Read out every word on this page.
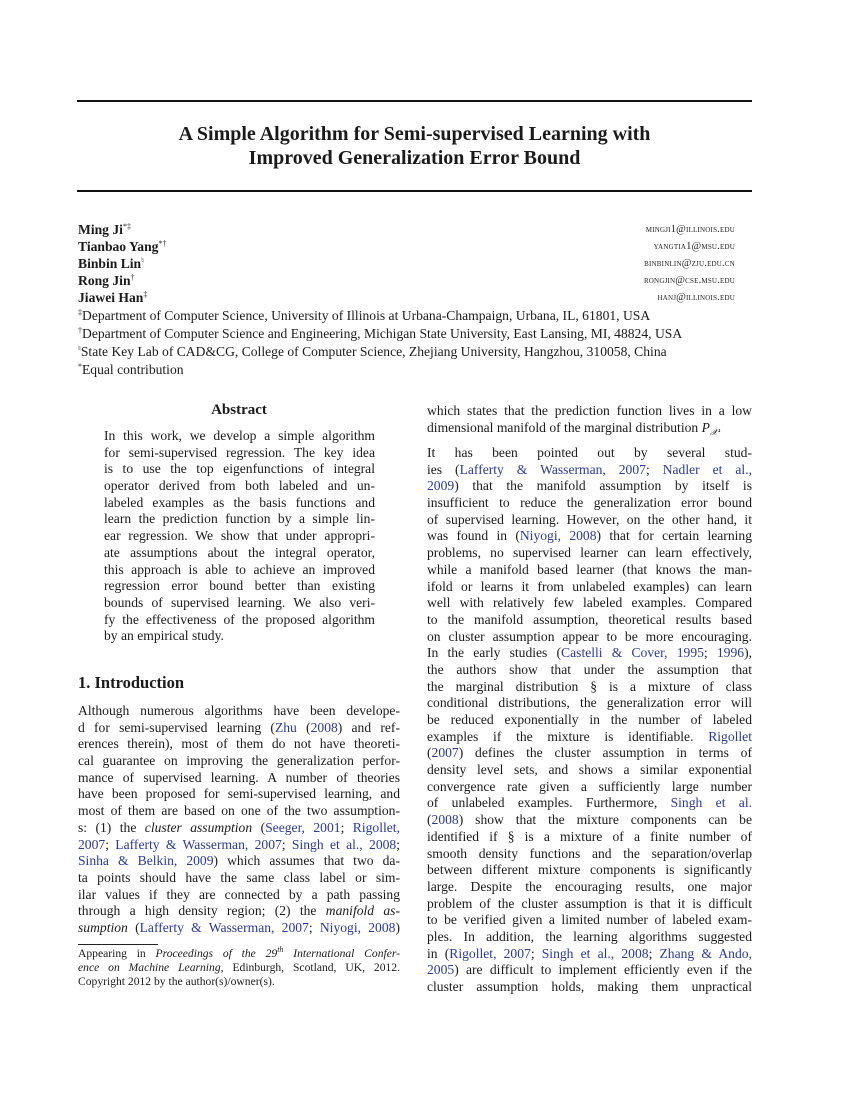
A Simple Algorithm for Semi-supervised Learning with
Improved Generalization Error Bound
Ming Ji*‡	mingji1@illinois.edu
Tianbao Yang*†	yangtia1@msu.edu
Binbin Lin♮	binbinlin@zju.edu.cn
Rong Jin†	rongjin@cse.msu.edu
Jiawei Han‡	hanj@illinois.edu
‡Department of Computer Science, University of Illinois at Urbana-Champaign, Urbana, IL, 61801, USA
†Department of Computer Science and Engineering, Michigan State University, East Lansing, MI, 48824, USA
♮State Key Lab of CAD&CG, College of Computer Science, Zhejiang University, Hangzhou, 310058, China
*Equal contribution
Abstract
In this work, we develop a simple algorithm
for semi-supervised regression. The key idea
is to use the top eigenfunctions of integral
operator derived from both labeled and un-
labeled examples as the basis functions and
learn the prediction function by a simple lin-
ear regression. We show that under appropri-
ate assumptions about the integral operator,
this approach is able to achieve an improved
regression error bound better than existing
bounds of supervised learning. We also veri-
fy the effectiveness of the proposed algorithm
by an empirical study.
1. Introduction
Although numerous algorithms have been develope-
d for semi-supervised learning (Zhu (2008) and ref-
erences therein), most of them do not have theoreti-
cal guarantee on improving the generalization perfor-
mance of supervised learning. A number of theories
have been proposed for semi-supervised learning, and
most of them are based on one of the two assumption-
s: (1) the cluster assumption (Seeger, 2001; Rigollet,
2007; Lafferty & Wasserman, 2007; Singh et al., 2008;
Sinha & Belkin, 2009) which assumes that two da-
ta points should have the same class label or sim-
ilar values if they are connected by a path passing
through a high density region; (2) the manifold as-
sumption (Lafferty & Wasserman, 2007; Niyogi, 2008)
Appearing in Proceedings of the 29th International Confer-
ence on Machine Learning, Edinburgh, Scotland, UK, 2012.
Copyright 2012 by the author(s)/owner(s).
which states that the prediction function lives in a low
dimensional manifold of the marginal distribution $P_𝒳$.
It has been pointed out by several stud-
ies (Lafferty & Wasserman, 2007; Nadler et al.,
2009) that the manifold assumption by itself is
insufficient to reduce the generalization error bound
of supervised learning. However, on the other hand, it
was found in (Niyogi, 2008) that for certain learning
problems, no supervised learner can learn effectively,
while a manifold based learner (that knows the man-
ifold or learns it from unlabeled examples) can learn
well with relatively few labeled examples. Compared
to the manifold assumption, theoretical results based
on cluster assumption appear to be more encouraging.
In the early studies (Castelli & Cover, 1995; 1996),
the authors show that under the assumption that
the marginal distribution § is a mixture of class
conditional distributions, the generalization error will
be reduced exponentially in the number of labeled
examples if the mixture is identifiable. Rigollet
(2007) defines the cluster assumption in terms of
density level sets, and shows a similar exponential
convergence rate given a sufficiently large number
of unlabeled examples. Furthermore, Singh et al.
(2008) show that the mixture components can be
identified if § is a mixture of a finite number of
smooth density functions and the separation/overlap
between different mixture components is significantly
large. Despite the encouraging results, one major
problem of the cluster assumption is that it is difficult
to be verified given a limited number of labeled exam-
ples. In addition, the learning algorithms suggested
in (Rigollet, 2007; Singh et al., 2008; Zhang & Ando,
2005) are difficult to implement efficiently even if the
cluster assumption holds, making them unpractical
